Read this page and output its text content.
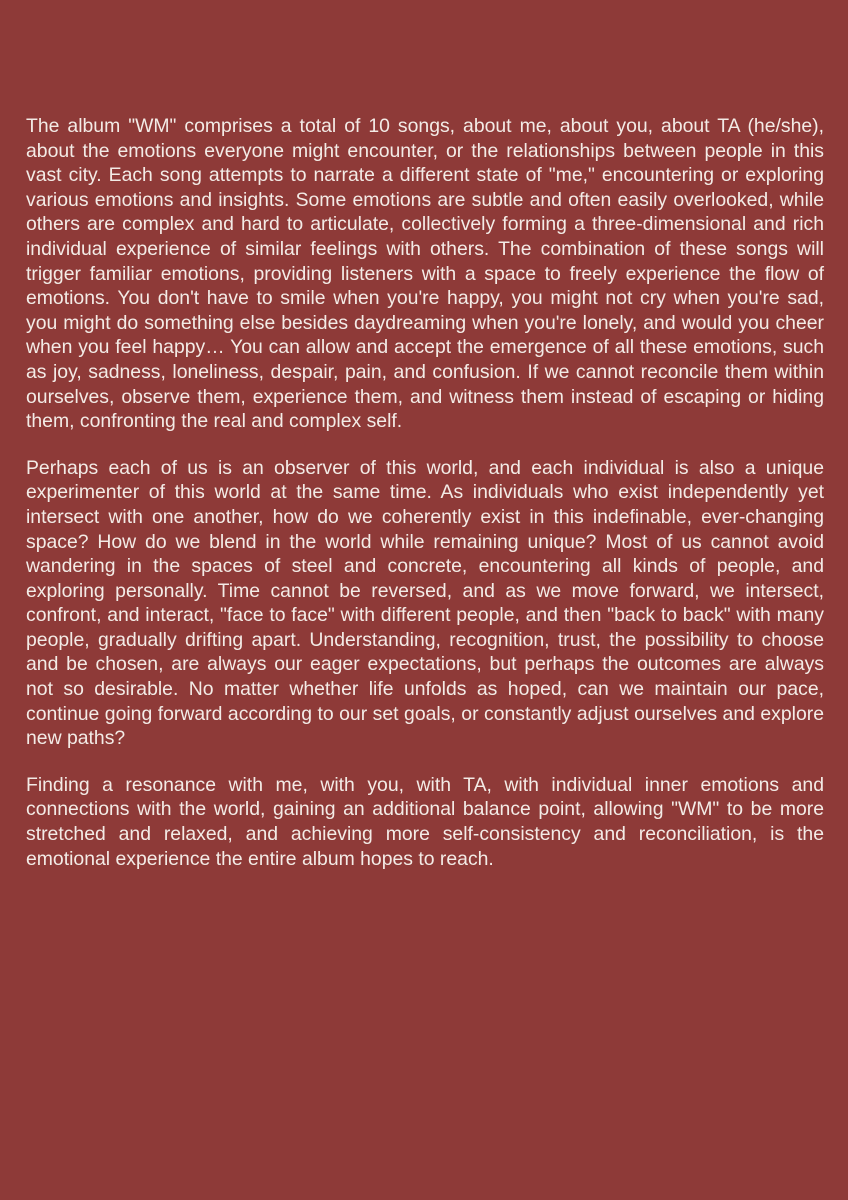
The album "WM" comprises a total of 10 songs, about me, about you, about TA (he/she), about the emotions everyone might encounter, or the relationships between people in this vast city. Each song attempts to narrate a different state of "me," encountering or exploring various emotions and insights. Some emotions are subtle and often easily overlooked, while others are complex and hard to articulate, collectively forming a three-dimensional and rich individual experience of similar feelings with others. The combination of these songs will trigger familiar emotions, providing listeners with a space to freely experience the flow of emotions. You don't have to smile when you're happy, you might not cry when you're sad, you might do something else besides daydreaming when you're lonely, and would you cheer when you feel happy… You can allow and accept the emergence of all these emotions, such as joy, sadness, loneliness, despair, pain, and confusion. If we cannot reconcile them within ourselves, observe them, experience them, and witness them instead of escaping or hiding them, confronting the real and complex self.

Perhaps each of us is an observer of this world, and each individual is also a unique experimenter of this world at the same time. As individuals who exist independently yet intersect with one another, how do we coherently exist in this indefinable, ever-changing space? How do we blend in the world while remaining unique? Most of us cannot avoid wandering in the spaces of steel and concrete, encountering all kinds of people, and exploring personally. Time cannot be reversed, and as we move forward, we intersect, confront, and interact, "face to face" with different people, and then "back to back" with many people, gradually drifting apart. Understanding, recognition, trust, the possibility to choose and be chosen, are always our eager expectations, but perhaps the outcomes are always not so desirable. No matter whether life unfolds as hoped, can we maintain our pace, continue going forward according to our set goals, or constantly adjust ourselves and explore new paths?

Finding a resonance with me, with you, with TA, with individual inner emotions and connections with the world, gaining an additional balance point, allowing "WM" to be more stretched and relaxed, and achieving more self-consistency and reconciliation, is the emotional experience the entire album hopes to reach.
